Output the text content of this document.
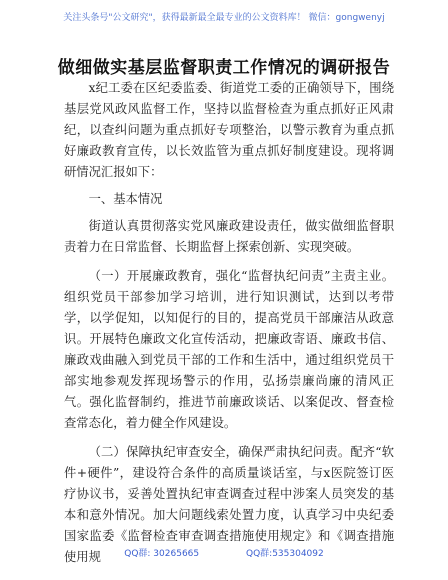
关注头条号"公文研究"，获得最新最全最专业的公文资料库！ 微信：gongwenyj
做细做实基层监督职责工作情况的调研报告

x纪工委在区纪委监委、街道党工委的正确领导下，围绕基层党风政风监督工作，坚持以监督检查为重点抓好正风肃纪，以查纠问题为重点抓好专项整治，以警示教育为重点抓好廉政教育宣传，以长效监管为重点抓好制度建设。现将调研情况汇报如下：

一、基本情况

街道认真贯彻落实党风廉政建设责任，做实做细监督职责着力在日常监督、长期监督上探索创新、实现突破。

（一）开展廉政教育，强化“监督执纪问责”主责主业。组织党员干部参加学习培训，进行知识测试，达到以考带学，以学促知，以知促行的目的，提高党员干部廉洁从政意识。开展特色廉政文化宣传活动，把廉政寄语、廉政书信、廉政戏曲融入到党员干部的工作和生活中，通过组织党员干部实地参观发挥现场警示的作用，弘扬崇廉尚廉的清风正气。强化监督制约，推进节前廉政谈话、以案促改、督查检查常态化，着力健全作风建设。

（二）保障执纪审查安全，确保严肃执纪问责。配齐“软件+硬件”，建设符合条件的高质量谈话室，与x医院签订医疗协议书，妥善处置执纪审查调查过程中涉案人员突发的基本和意外情况。加大问题线索处置力度，认真学习中央纪委国家监委《监督检查审查调查措施使用规定》和《调查措施使用规	QQ群: 30265665	QQ群:535304092
